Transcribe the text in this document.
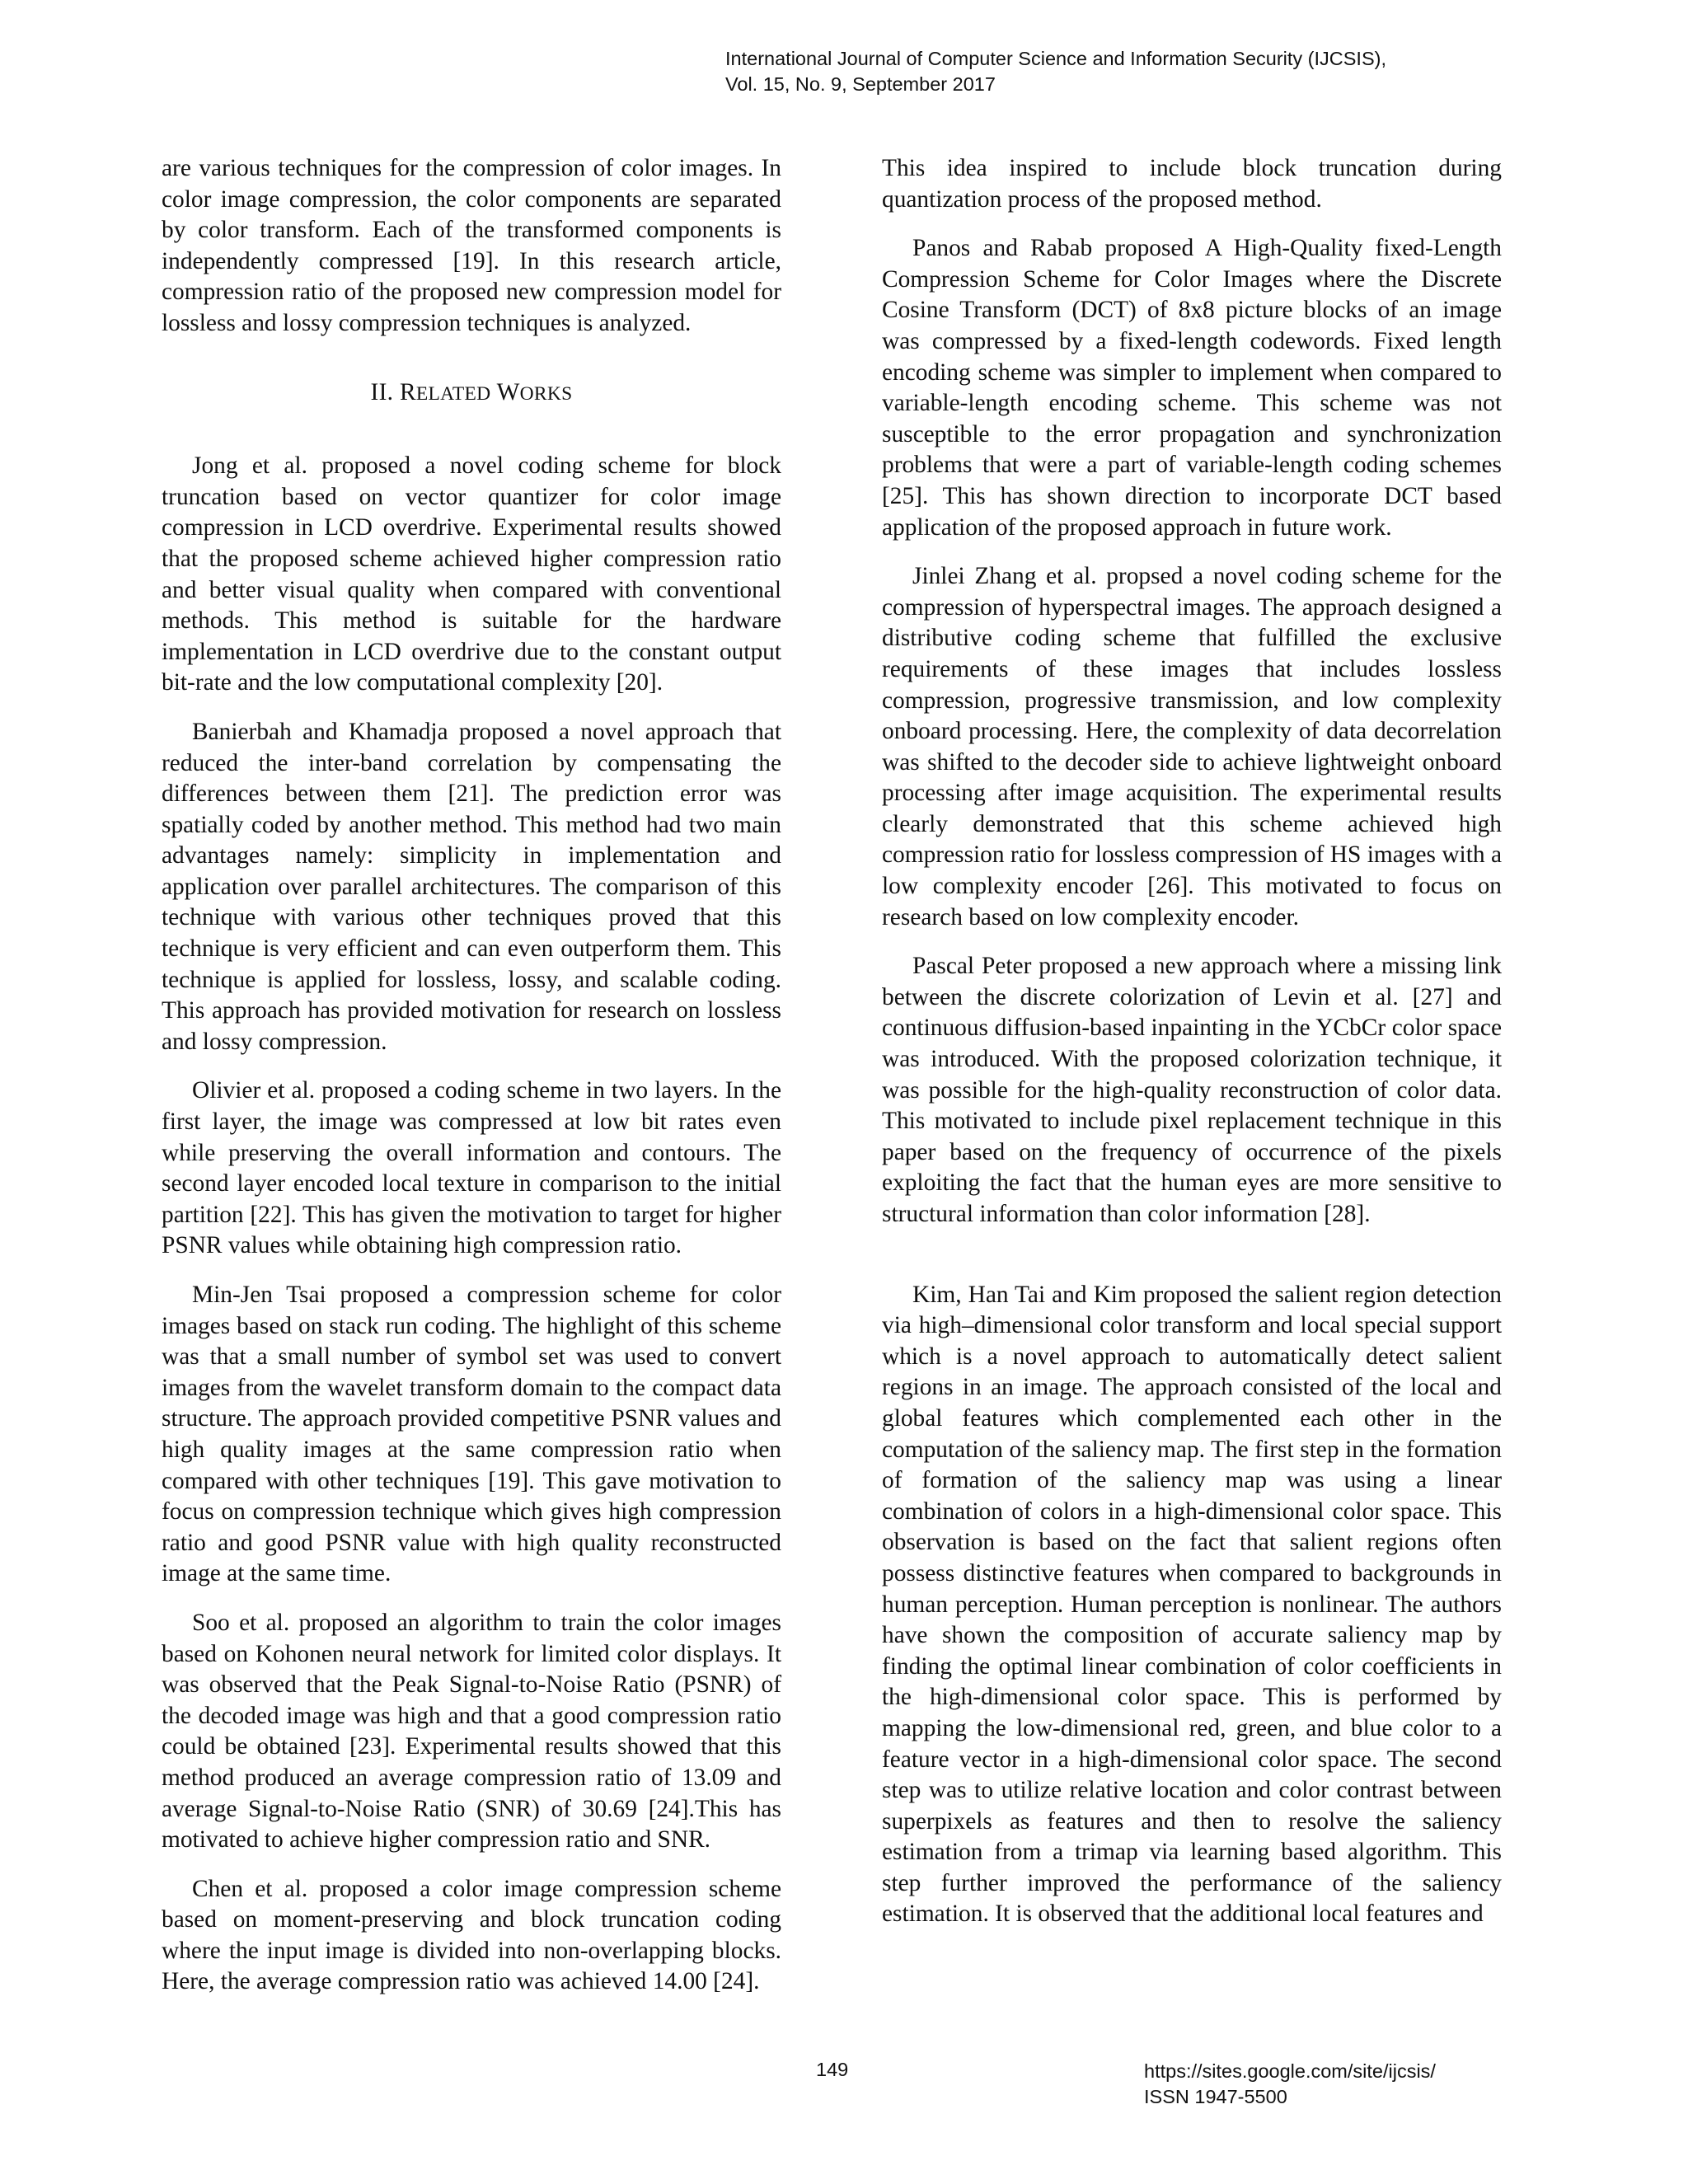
International Journal of Computer Science and Information Security (IJCSIS),
Vol. 15, No. 9, September 2017

are various techniques for the compression of color images. In color image compression, the color components are separated by color transform. Each of the transformed components is independently compressed [19]. In this research article, compression ratio of the proposed new compression model for lossless and lossy compression techniques is analyzed.

II. RELATED WORKS

Jong et al. proposed a novel coding scheme for block truncation based on vector quantizer for color image compression in LCD overdrive. Experimental results showed that the proposed scheme achieved higher compression ratio and better visual quality when compared with conventional methods. This method is suitable for the hardware implementation in LCD overdrive due to the constant output bit-rate and the low computational complexity [20].

Banierbah and Khamadja proposed a novel approach that reduced the inter-band correlation by compensating the differences between them [21]. The prediction error was spatially coded by another method. This method had two main advantages namely: simplicity in implementation and application over parallel architectures. The comparison of this technique with various other techniques proved that this technique is very efficient and can even outperform them. This technique is applied for lossless, lossy, and scalable coding. This approach has provided motivation for research on lossless and lossy compression.

Olivier et al. proposed a coding scheme in two layers. In the first layer, the image was compressed at low bit rates even while preserving the overall information and contours. The second layer encoded local texture in comparison to the initial partition [22]. This has given the motivation to target for higher PSNR values while obtaining high compression ratio.

Min-Jen Tsai proposed a compression scheme for color images based on stack run coding. The highlight of this scheme was that a small number of symbol set was used to convert images from the wavelet transform domain to the compact data structure. The approach provided competitive PSNR values and high quality images at the same compression ratio when compared with other techniques [19]. This gave motivation to focus on compression technique which gives high compression ratio and good PSNR value with high quality reconstructed image at the same time.

Soo et al. proposed an algorithm to train the color images based on Kohonen neural network for limited color displays. It was observed that the Peak Signal-to-Noise Ratio (PSNR) of the decoded image was high and that a good compression ratio could be obtained [23]. Experimental results showed that this method produced an average compression ratio of 13.09 and average Signal-to-Noise Ratio (SNR) of 30.69 [24].This has motivated to achieve higher compression ratio and SNR.

Chen et al. proposed a color image compression scheme based on moment-preserving and block truncation coding where the input image is divided into non-overlapping blocks. Here, the average compression ratio was achieved 14.00 [24].

This idea inspired to include block truncation during quantization process of the proposed method.

Panos and Rabab proposed A High-Quality fixed-Length Compression Scheme for Color Images where the Discrete Cosine Transform (DCT) of 8x8 picture blocks of an image was compressed by a fixed-length codewords. Fixed length encoding scheme was simpler to implement when compared to variable-length encoding scheme. This scheme was not susceptible to the error propagation and synchronization problems that were a part of variable-length coding schemes [25]. This has shown direction to incorporate DCT based application of the proposed approach in future work.

Jinlei Zhang et al. propsed a novel coding scheme for the compression of hyperspectral images. The approach designed a distributive coding scheme that fulfilled the exclusive requirements of these images that includes lossless compression, progressive transmission, and low complexity onboard processing. Here, the complexity of data decorrelation was shifted to the decoder side to achieve lightweight onboard processing after image acquisition. The experimental results clearly demonstrated that this scheme achieved high compression ratio for lossless compression of HS images with a low complexity encoder [26]. This motivated to focus on research based on low complexity encoder.

Pascal Peter proposed a new approach where a missing link between the discrete colorization of Levin et al. [27] and continuous diffusion-based inpainting in the YCbCr color space was introduced. With the proposed colorization technique, it was possible for the high-quality reconstruction of color data. This motivated to include pixel replacement technique in this paper based on the frequency of occurrence of the pixels exploiting the fact that the human eyes are more sensitive to structural information than color information [28].

Kim, Han Tai and Kim proposed the salient region detection via high–dimensional color transform and local special support which is a novel approach to automatically detect salient regions in an image. The approach consisted of the local and global features which complemented each other in the computation of the saliency map. The first step in the formation of formation of the saliency map was using a linear combination of colors in a high-dimensional color space. This observation is based on the fact that salient regions often possess distinctive features when compared to backgrounds in human perception. Human perception is nonlinear. The authors have shown the composition of accurate saliency map by finding the optimal linear combination of color coefficients in the high-dimensional color space. This is performed by mapping the low-dimensional red, green, and blue color to a feature vector in a high-dimensional color space. The second step was to utilize relative location and color contrast between superpixels as features and then to resolve the saliency estimation from a trimap via learning based algorithm. This step further improved the performance of the saliency estimation. It is observed that the additional local features and

149	https://sites.google.com/site/ijcsis/
ISSN 1947-5500
